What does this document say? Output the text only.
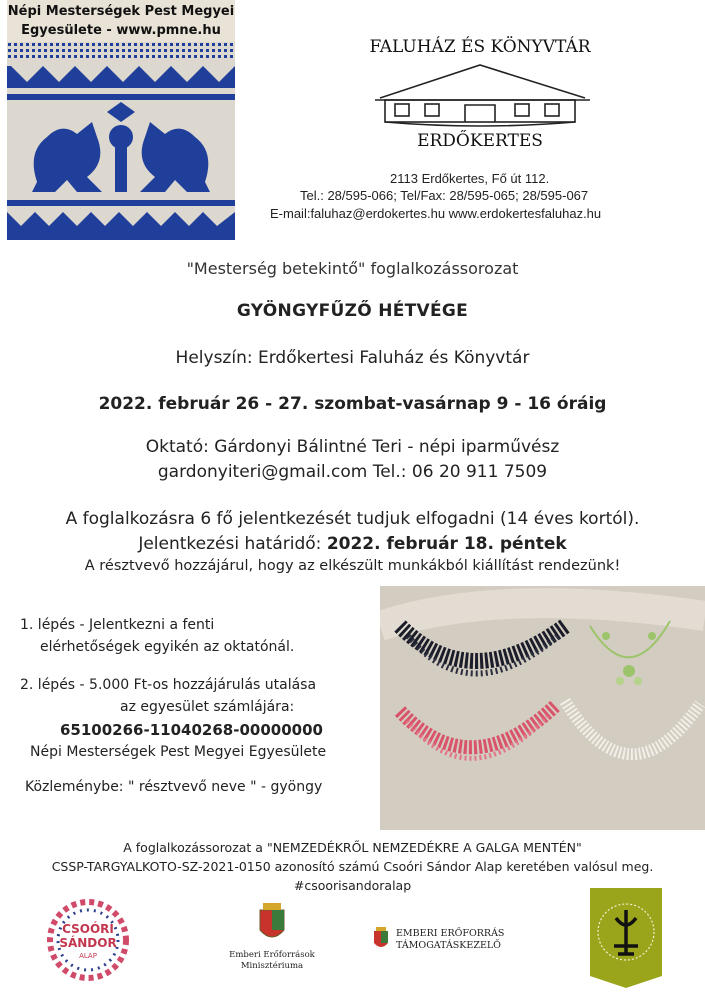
Népi Mesterségek Pest Megyei
Egyesülete - www.pmne.hu
FALUHÁZ ÉS KÖNYVTÁR
ERDŐKERTES
2113 Erdőkertes, Fő út 112.
Tel.: 28/595-066; Tel/Fax: 28/595-065; 28/595-067
E-mail:faluhaz@erdokertes.hu www.erdokertesfaluhaz.hu
"Mesterség betekintő" foglalkozássorozat
GYÖNGYFŰZŐ HÉTVÉGE
Helyszín: Erdőkertesi Faluház és Könyvtár
2022. február 26 - 27. szombat-vasárnap 9 - 16 óráig
Oktató: Gárdonyi Bálintné Teri - népi iparművész
gardonyiteri@gmail.com Tel.: 06 20 911 7509
A foglalkozásra 6 fő jelentkezését tudjuk elfogadni (14 éves kortól).
Jelentkezési határidő: 2022. február 18. péntek
A résztvevő hozzájárul, hogy az elkészült munkákból kiállítást rendezünk!
1. lépés - Jelentkezni a fenti
elérhetőségek egyikén az oktatónál.
2. lépés - 5.000 Ft-os hozzájárulás utalása
az egyesület számlájára:
65100266-11040268-00000000
Népi Mesterségek Pest Megyei Egyesülete
Közleménybe: " résztvevő neve " - gyöngy
A foglalkozássorozat a "NEMZEDÉKRŐL NEMZEDÉKRE A GALGA MENTÉN"
CSSP-TARGYALKOTO-SZ-2021-0150 azonosító számú Csoóri Sándor Alap keretében valósul meg.
#csoorisandoralap
CSOÓRI
SÁNDOR
ALAP	Emberi Erőforrások
Minisztériuma
EMBERI ERŐFORRÁS
TÁMOGATÁSKEZELŐ
